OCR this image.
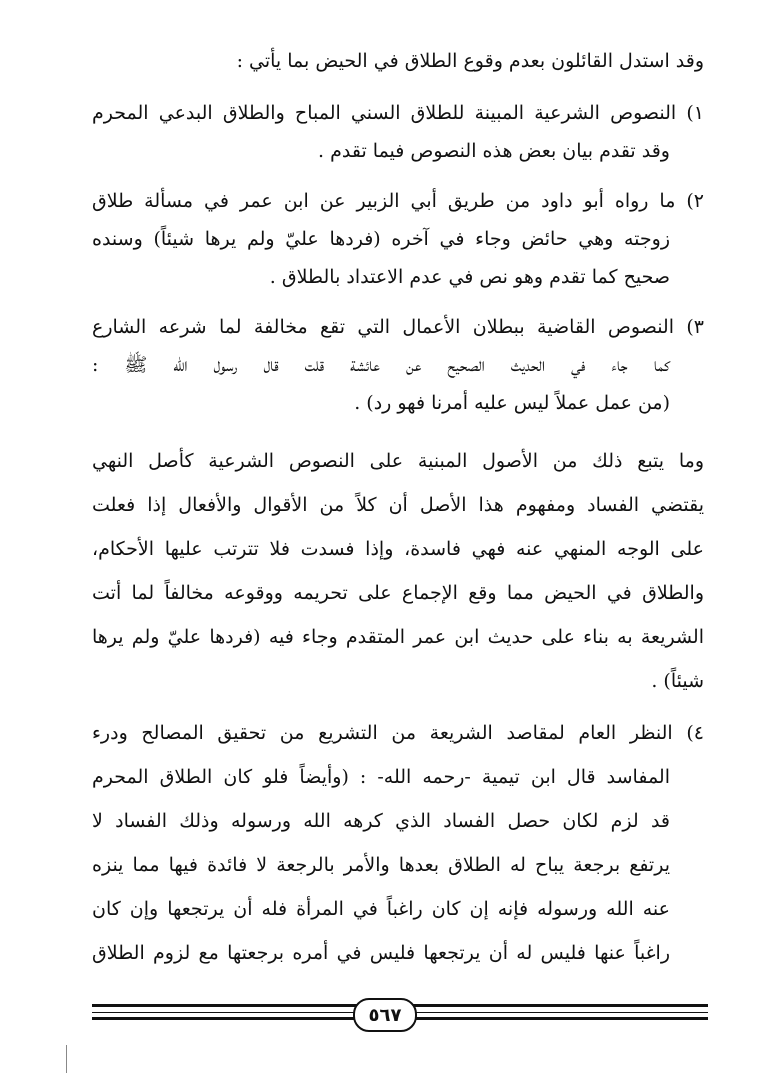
وقد استدل القائلون بعدم وقوع الطلاق في الحيض بما يأتي :
١) النصوص الشرعية المبينة للطلاق السني المباح والطلاق البدعي المحرم
وقد تقدم بيان بعض هذه النصوص فيما تقدم .
٢) ما رواه أبو داود من طريق أبي الزبير عن ابن عمر في مسألة طلاق
زوجته وهي حائض وجاء في آخره (فردها عليّ ولم يرها شيئاً) وسنده
صحيح كما تقدم وهو نص في عدم الاعتداد بالطلاق .
٣) النصوص القاضية ببطلان الأعمال التي تقع مخالفة لما شرعه الشارع
كما جاء في الحديث الصحيح عن عائشة قلت قال رسول الله ﷺ :
(من عمل عملاً ليس عليه أمرنا فهو رد) .
وما يتبع ذلك من الأصول المبنية على النصوص الشرعية كأصل النهي
يقتضي الفساد ومفهوم هذا الأصل أن كلاً من الأقوال والأفعال إذا فعلت
على الوجه المنهي عنه فهي فاسدة، وإذا فسدت فلا تترتب عليها الأحكام،
والطلاق في الحيض مما وقع الإجماع على تحريمه ووقوعه مخالفاً لما أتت
الشريعة به بناء على حديث ابن عمر المتقدم وجاء فيه (فردها عليّ ولم يرها
شيئاً) .
٤) النظر العام لمقاصد الشريعة من التشريع من تحقيق المصالح ودرء
المفاسد قال ابن تيمية -رحمه الله- : (وأيضاً فلو كان الطلاق المحرم
قد لزم لكان حصل الفساد الذي كرهه الله ورسوله وذلك الفساد لا
يرتفع برجعة يباح له الطلاق بعدها والأمر بالرجعة لا فائدة فيها مما ينزه
عنه الله ورسوله فإنه إن كان راغباً في المرأة فله أن يرتجعها وإن كان
راغباً عنها فليس له أن يرتجعها فليس في أمره برجعتها مع لزوم الطلاق
٥٦٧
